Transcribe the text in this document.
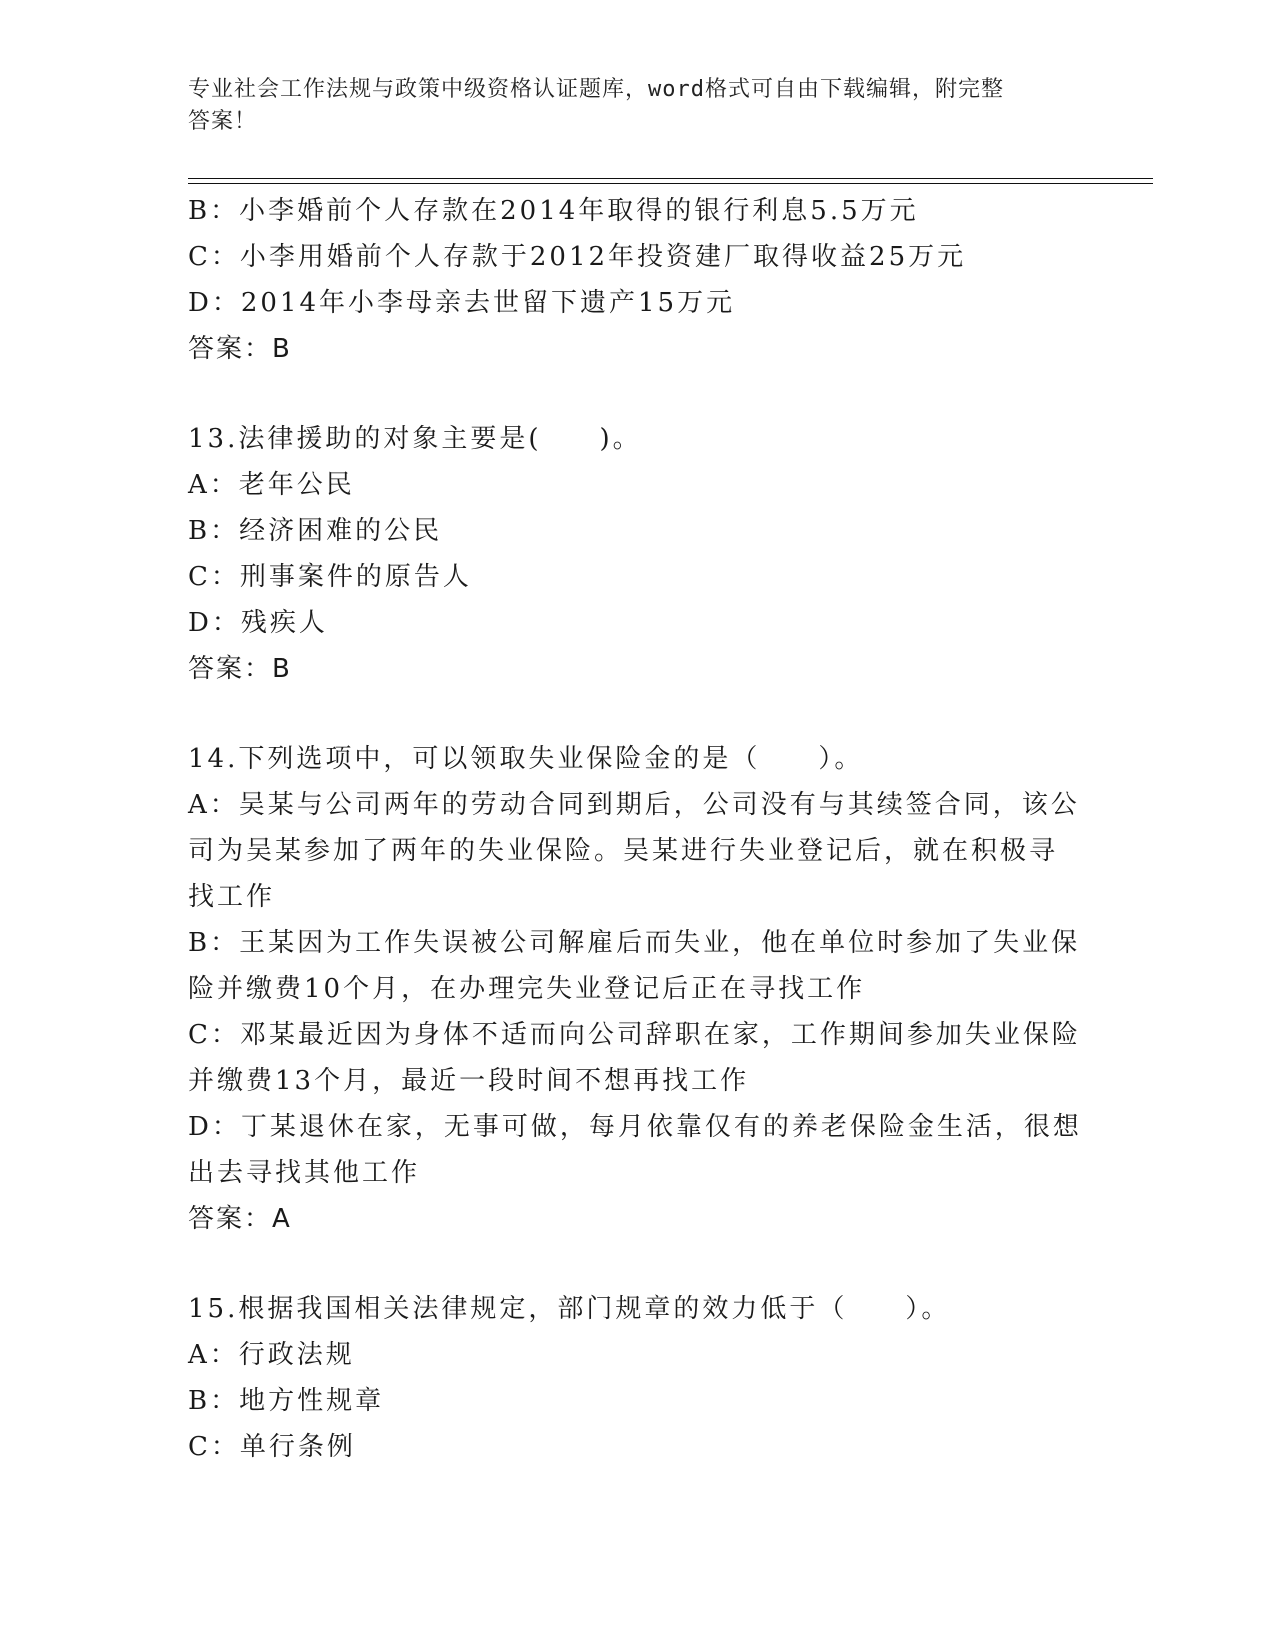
专业社会工作法规与政策中级资格认证题库，word格式可自由下载编辑，附完整
答案！
B：小李婚前个人存款在2014年取得的银行利息5.5万元
C：小李用婚前个人存款于2012年投资建厂取得收益25万元
D：2014年小李母亲去世留下遗产15万元
答案：B
13.法律援助的对象主要是(　　)。
A：老年公民
B：经济困难的公民
C：刑事案件的原告人
D：残疾人
答案：B
14.下列选项中，可以领取失业保险金的是（　　）。
A：吴某与公司两年的劳动合同到期后，公司没有与其续签合同，该公
司为吴某参加了两年的失业保险。吴某进行失业登记后，就在积极寻
找工作
B：王某因为工作失误被公司解雇后而失业，他在单位时参加了失业保
险并缴费10个月，在办理完失业登记后正在寻找工作
C：邓某最近因为身体不适而向公司辞职在家，工作期间参加失业保险
并缴费13个月，最近一段时间不想再找工作
D：丁某退休在家，无事可做，每月依靠仅有的养老保险金生活，很想
出去寻找其他工作
答案：A
15.根据我国相关法律规定，部门规章的效力低于（　　）。
A：行政法规
B：地方性规章
C：单行条例
